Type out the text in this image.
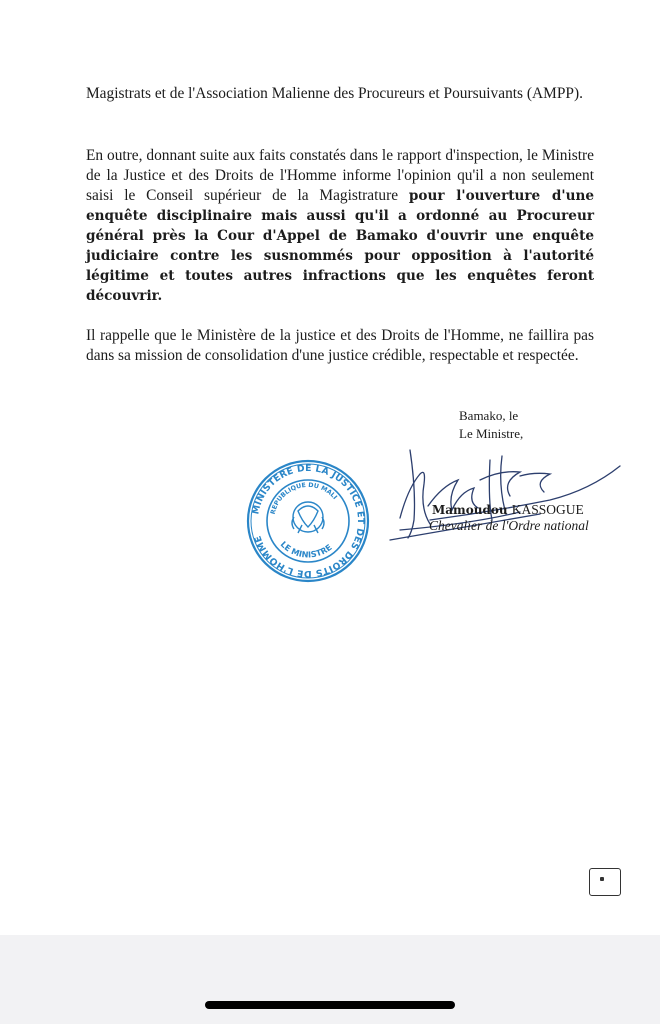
Magistrats et de l'Association Malienne des Procureurs et Poursuivants (AMPP).
En outre, donnant suite aux faits constatés dans le rapport d'inspection, le Ministre de la Justice et des Droits de l'Homme informe l'opinion qu'il a non seulement saisi le Conseil supérieur de la Magistrature pour l'ouverture d'une enquête disciplinaire mais aussi qu'il a ordonné au Procureur général près la Cour d'Appel de Bamako d'ouvrir une enquête judiciaire contre les susnommés pour opposition à l'autorité légitime et toutes autres infractions que les enquêtes feront découvrir.
Il rappelle que le Ministère de la justice et des Droits de l'Homme, ne faillira pas dans sa mission de consolidation d'une justice crédible, respectable et respectée.
Bamako, le
Le Ministre,
MINISTERE DE LA JUSTICE ET DES DROITS DE L'HOMME
REPUBLIQUE DU MALI
LE MINISTRE
Mamoudou KASSOGUE
Chevalier de l'Ordre national
